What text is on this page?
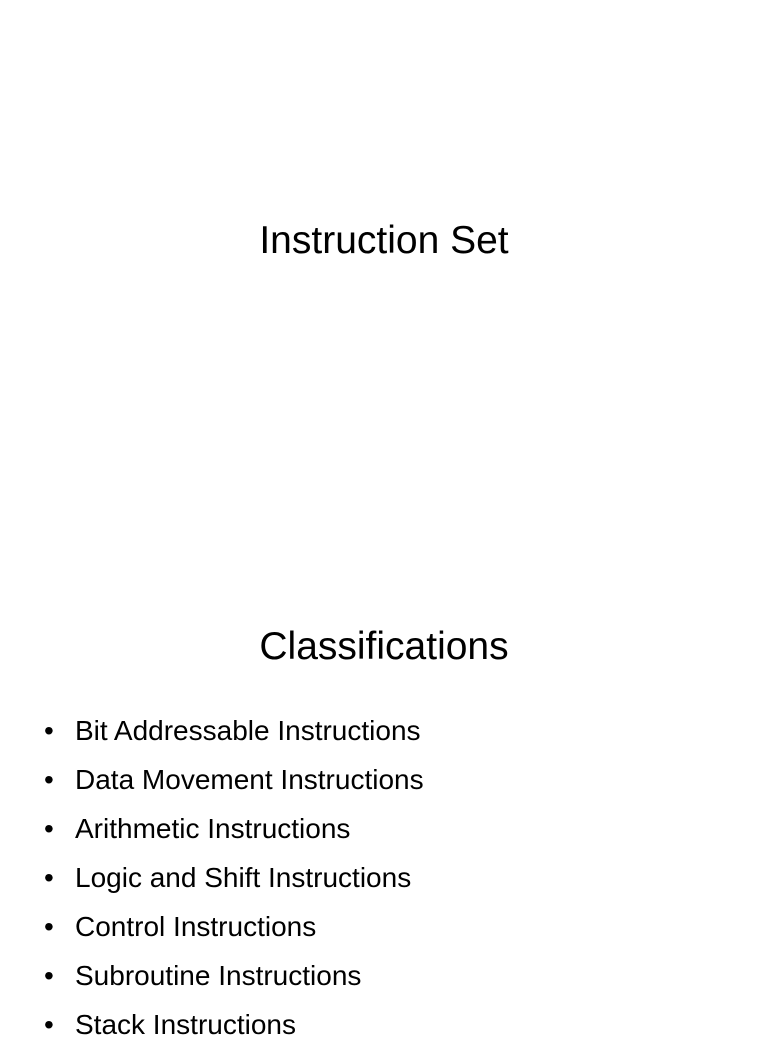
Instruction Set
Classifications
• Bit Addressable Instructions
• Data Movement Instructions
• Arithmetic Instructions
• Logic and Shift Instructions
• Control Instructions
• Subroutine Instructions
• Stack Instructions
